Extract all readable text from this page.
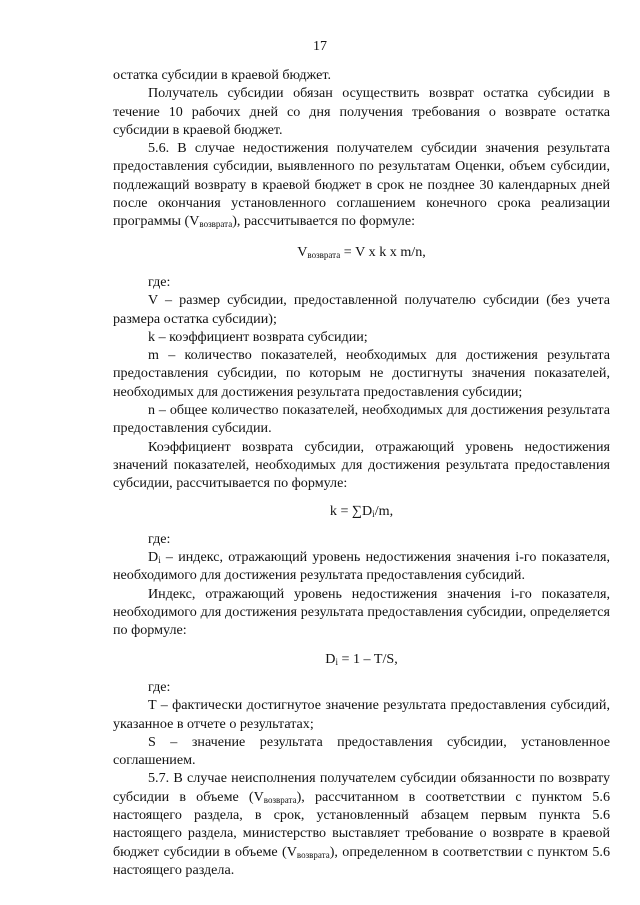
17

остатка субсидии в краевой бюджет.

Получатель субсидии обязан осуществить возврат остатка субсидии в течение 10 рабочих дней со дня получения требования о возврате остатка субсидии в краевой бюджет.

5.6. В случае недостижения получателем субсидии значения результата предоставления субсидии, выявленного по результатам Оценки, объем субсидии, подлежащий возврату в краевой бюджет в срок не позднее 30 календарных дней после окончания установленного соглашением конечного срока реализации программы $(V_{возврата})$, рассчитывается по формуле:

$V_{возврата} = V$ x k x m/n,

где:

V – размер субсидии, предоставленной получателю субсидии (без учета размера остатка субсидии);

k – коэффициент возврата субсидии;

m – количество показателей, необходимых для достижения результата предоставления субсидии, по которым не достигнуты значения показателей, необходимых для достижения результата предоставления субсидии;

n – общее количество показателей, необходимых для достижения результата предоставления субсидии.

Коэффициент возврата субсидии, отражающий уровень недостижения значений показателей, необходимых для достижения результата предоставления субсидии, рассчитывается по формуле:

$k = \sum D_i/m$,

где:

$D_i$ – индекс, отражающий уровень недостижения значения i-го показателя, необходимого для достижения результата предоставления субсидий.

Индекс, отражающий уровень недостижения значения i-го показателя, необходимого для достижения результата предоставления субсидии, определяется по формуле:

$D_i = 1 - T/S$,

где:

T – фактически достигнутое значение результата предоставления субсидий, указанное в отчете о результатах;

S – значение результата предоставления субсидии, установленное соглашением.

5.7. В случае неисполнения получателем субсидии обязанности по возврату субсидии в объеме $(V_{возврата})$, рассчитанном в соответствии с пунктом 5.6 настоящего раздела, в срок, установленный абзацем первым пункта 5.6 настоящего раздела, министерство выставляет требование о возврате в краевой бюджет субсидии в объеме $(V_{возврата})$, определенном в соответствии с пунктом 5.6 настоящего раздела.
